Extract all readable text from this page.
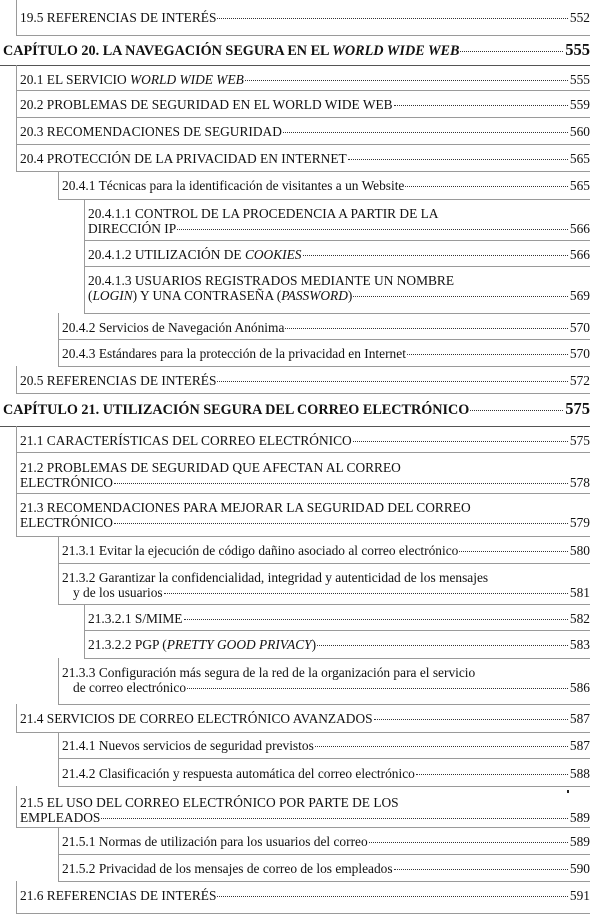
19.5 REFERENCIAS DE INTERÉS	552
CAPÍTULO 20. LA NAVEGACIÓN SEGURA EN EL WORLD WIDE WEB	555
20.1 EL SERVICIO WORLD WIDE WEB	555
20.2 PROBLEMAS DE SEGURIDAD EN EL WORLD WIDE WEB	559
20.3 RECOMENDACIONES DE SEGURIDAD	560
20.4 PROTECCIÓN DE LA PRIVACIDAD EN INTERNET	565
20.4.1 Técnicas para la identificación de visitantes a un Website	565
20.4.1.1 CONTROL DE LA PROCEDENCIA A PARTIR DE LA
DIRECCIÓN IP	566
20.4.1.2 UTILIZACIÓN DE COOKIES	566
20.4.1.3 USUARIOS REGISTRADOS MEDIANTE UN NOMBRE
(LOGIN) Y UNA CONTRASEÑA (PASSWORD)	569
20.4.2 Servicios de Navegación Anónima	570
20.4.3 Estándares para la protección de la privacidad en Internet	570
20.5 REFERENCIAS DE INTERÉS	572
CAPÍTULO 21. UTILIZACIÓN SEGURA DEL CORREO ELECTRÓNICO	575
21.1 CARACTERÍSTICAS DEL CORREO ELECTRÓNICO	575
21.2 PROBLEMAS DE SEGURIDAD QUE AFECTAN AL CORREO
ELECTRÓNICO	578
21.3 RECOMENDACIONES PARA MEJORAR LA SEGURIDAD DEL CORREO
ELECTRÓNICO	579
21.3.1 Evitar la ejecución de código dañino asociado al correo electrónico	580
21.3.2 Garantizar la confidencialidad, integridad y autenticidad de los mensajes
y de los usuarios	581
21.3.2.1 S/MIME	582
21.3.2.2 PGP (PRETTY GOOD PRIVACY)	583
21.3.3 Configuración más segura de la red de la organización para el servicio
de correo electrónico	586
21.4 SERVICIOS DE CORREO ELECTRÓNICO AVANZADOS	587
21.4.1 Nuevos servicios de seguridad previstos	587
21.4.2 Clasificación y respuesta automática del correo electrónico	588
21.5 EL USO DEL CORREO ELECTRÓNICO POR PARTE DE LOS
EMPLEADOS	589
21.5.1 Normas de utilización para los usuarios del correo	589
21.5.2 Privacidad de los mensajes de correo de los empleados	590
21.6 REFERENCIAS DE INTERÉS	591
